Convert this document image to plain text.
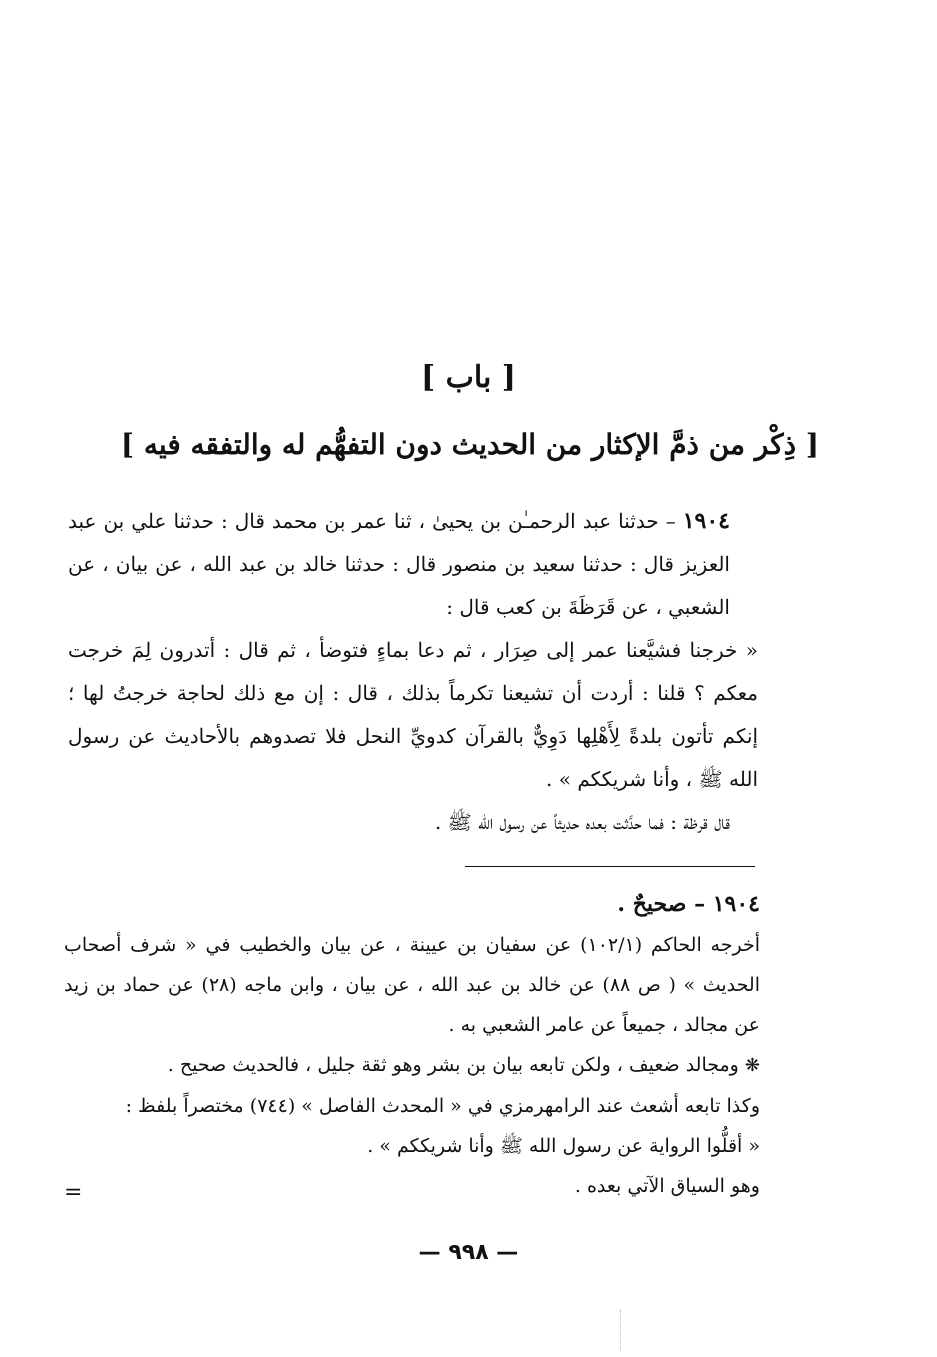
[ باب ]
[ ذِكْر من ذمَّ الإكثار من الحديث دون التفهُّم له والتفقه فيه ]

١٩٠٤ – حدثنا عبد الرحمـٰن بن يحيىٰ ، ثنا عمر بن محمد قال : حدثنا علي بن عبد العزيز قال : حدثنا سعيد بن منصور قال : حدثنا خالد بن عبد الله ، عن بيان ، عن الشعبي ، عن قَرَظَةَ بن كعب قال :

« خرجنا فشيَّعنا عمر إلى صِرَار ، ثم دعا بماءٍ فتوضأ ، ثم قال : أتدرون لِمَ خرجت معكم ؟ قلنا : أردت أن تشيعنا تكرماً بذلك ، قال : إن مع ذلك لحاجة خرجتُ لها ؛ إنكم تأتون بلدةً لِأَهْلِها دَوِيٌّ بالقرآن كدويِّ النحل فلا تصدوهم بالأحاديث عن رسول الله ﷺ ، وأنا شريككم » .

قال قرظة : فما حدَّثت بعده حديثاً عن رسول الله ﷺ .

١٩٠٤ – صحيحٌ .

أخرجه الحاكم (١٠٢/١) عن سفيان بن عيينة ، عن بيان والخطيب في « شرف أصحاب الحديث » ( ص ٨٨) عن خالد بن عبد الله ، عن بيان ، وابن ماجه (٢٨) عن حماد بن زيد عن مجالد ، جميعاً عن عامر الشعبي به .

❋ ومجالد ضعيف ، ولكن تابعه بيان بن بشر وهو ثقة جليل ، فالحديث صحيح .

وكذا تابعه أشعث عند الرامهرمزي في « المحدث الفاصل » (٧٤٤) مختصراً بلفظ :

« أقلُّوا الرواية عن رسول الله ﷺ وأنا شريككم » .

وهو السياق الآتي بعده .

=
— ٩٩٨ —
